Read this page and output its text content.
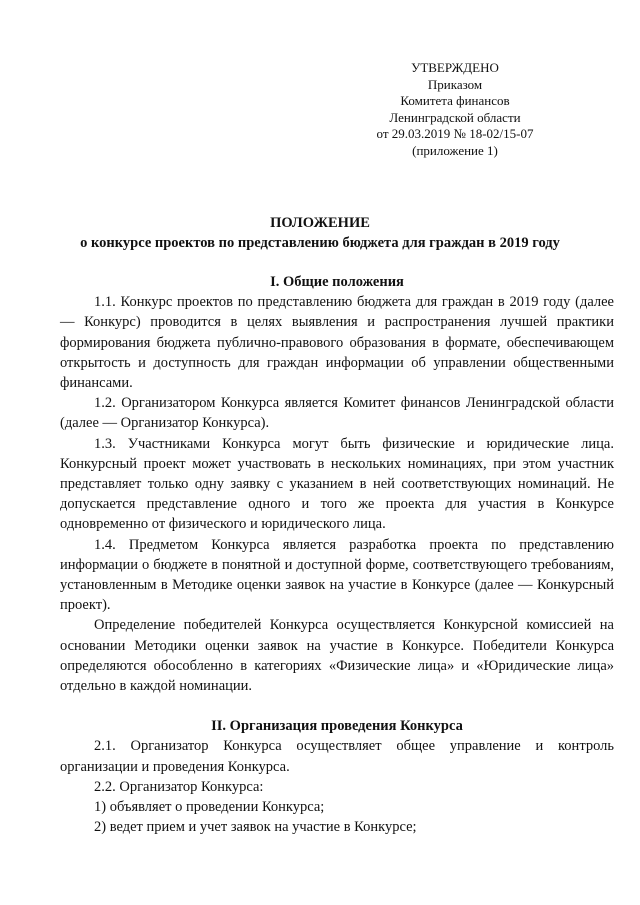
УТВЕРЖДЕНО
Приказом
Комитета финансов
Ленинградской области
от 29.03.2019 № 18-02/15-07
(приложение 1)
ПОЛОЖЕНИЕ
о конкурсе проектов по представлению бюджета для граждан в 2019 году

I. Общие положения

1.1. Конкурс проектов по представлению бюджета для граждан в 2019 году (далее — Конкурс) проводится в целях выявления и распространения лучшей практики формирования бюджета публично-правового образования в формате, обеспечивающем открытость и доступность для граждан информации об управлении общественными финансами.

1.2. Организатором Конкурса является Комитет финансов Ленинградской области (далее — Организатор Конкурса).

1.3. Участниками Конкурса могут быть физические и юридические лица. Конкурсный проект может участвовать в нескольких номинациях, при этом участник представляет только одну заявку с указанием в ней соответствующих номинаций. Не допускается представление одного и того же проекта для участия в Конкурсе одновременно от физического и юридического лица.

1.4. Предметом Конкурса является разработка проекта по представлению информации о бюджете в понятной и доступной форме, соответствующего требованиям, установленным в Методике оценки заявок на участие в Конкурсе (далее — Конкурсный проект).

Определение победителей Конкурса осуществляется Конкурсной комиссией на основании Методики оценки заявок на участие в Конкурсе. Победители Конкурса определяются обособленно в категориях «Физические лица» и «Юридические лица» отдельно в каждой номинации.

II. Организация проведения Конкурса

2.1. Организатор Конкурса осуществляет общее управление и контроль организации и проведения Конкурса.

2.2. Организатор Конкурса:

1) объявляет о проведении Конкурса;

2) ведет прием и учет заявок на участие в Конкурсе;
